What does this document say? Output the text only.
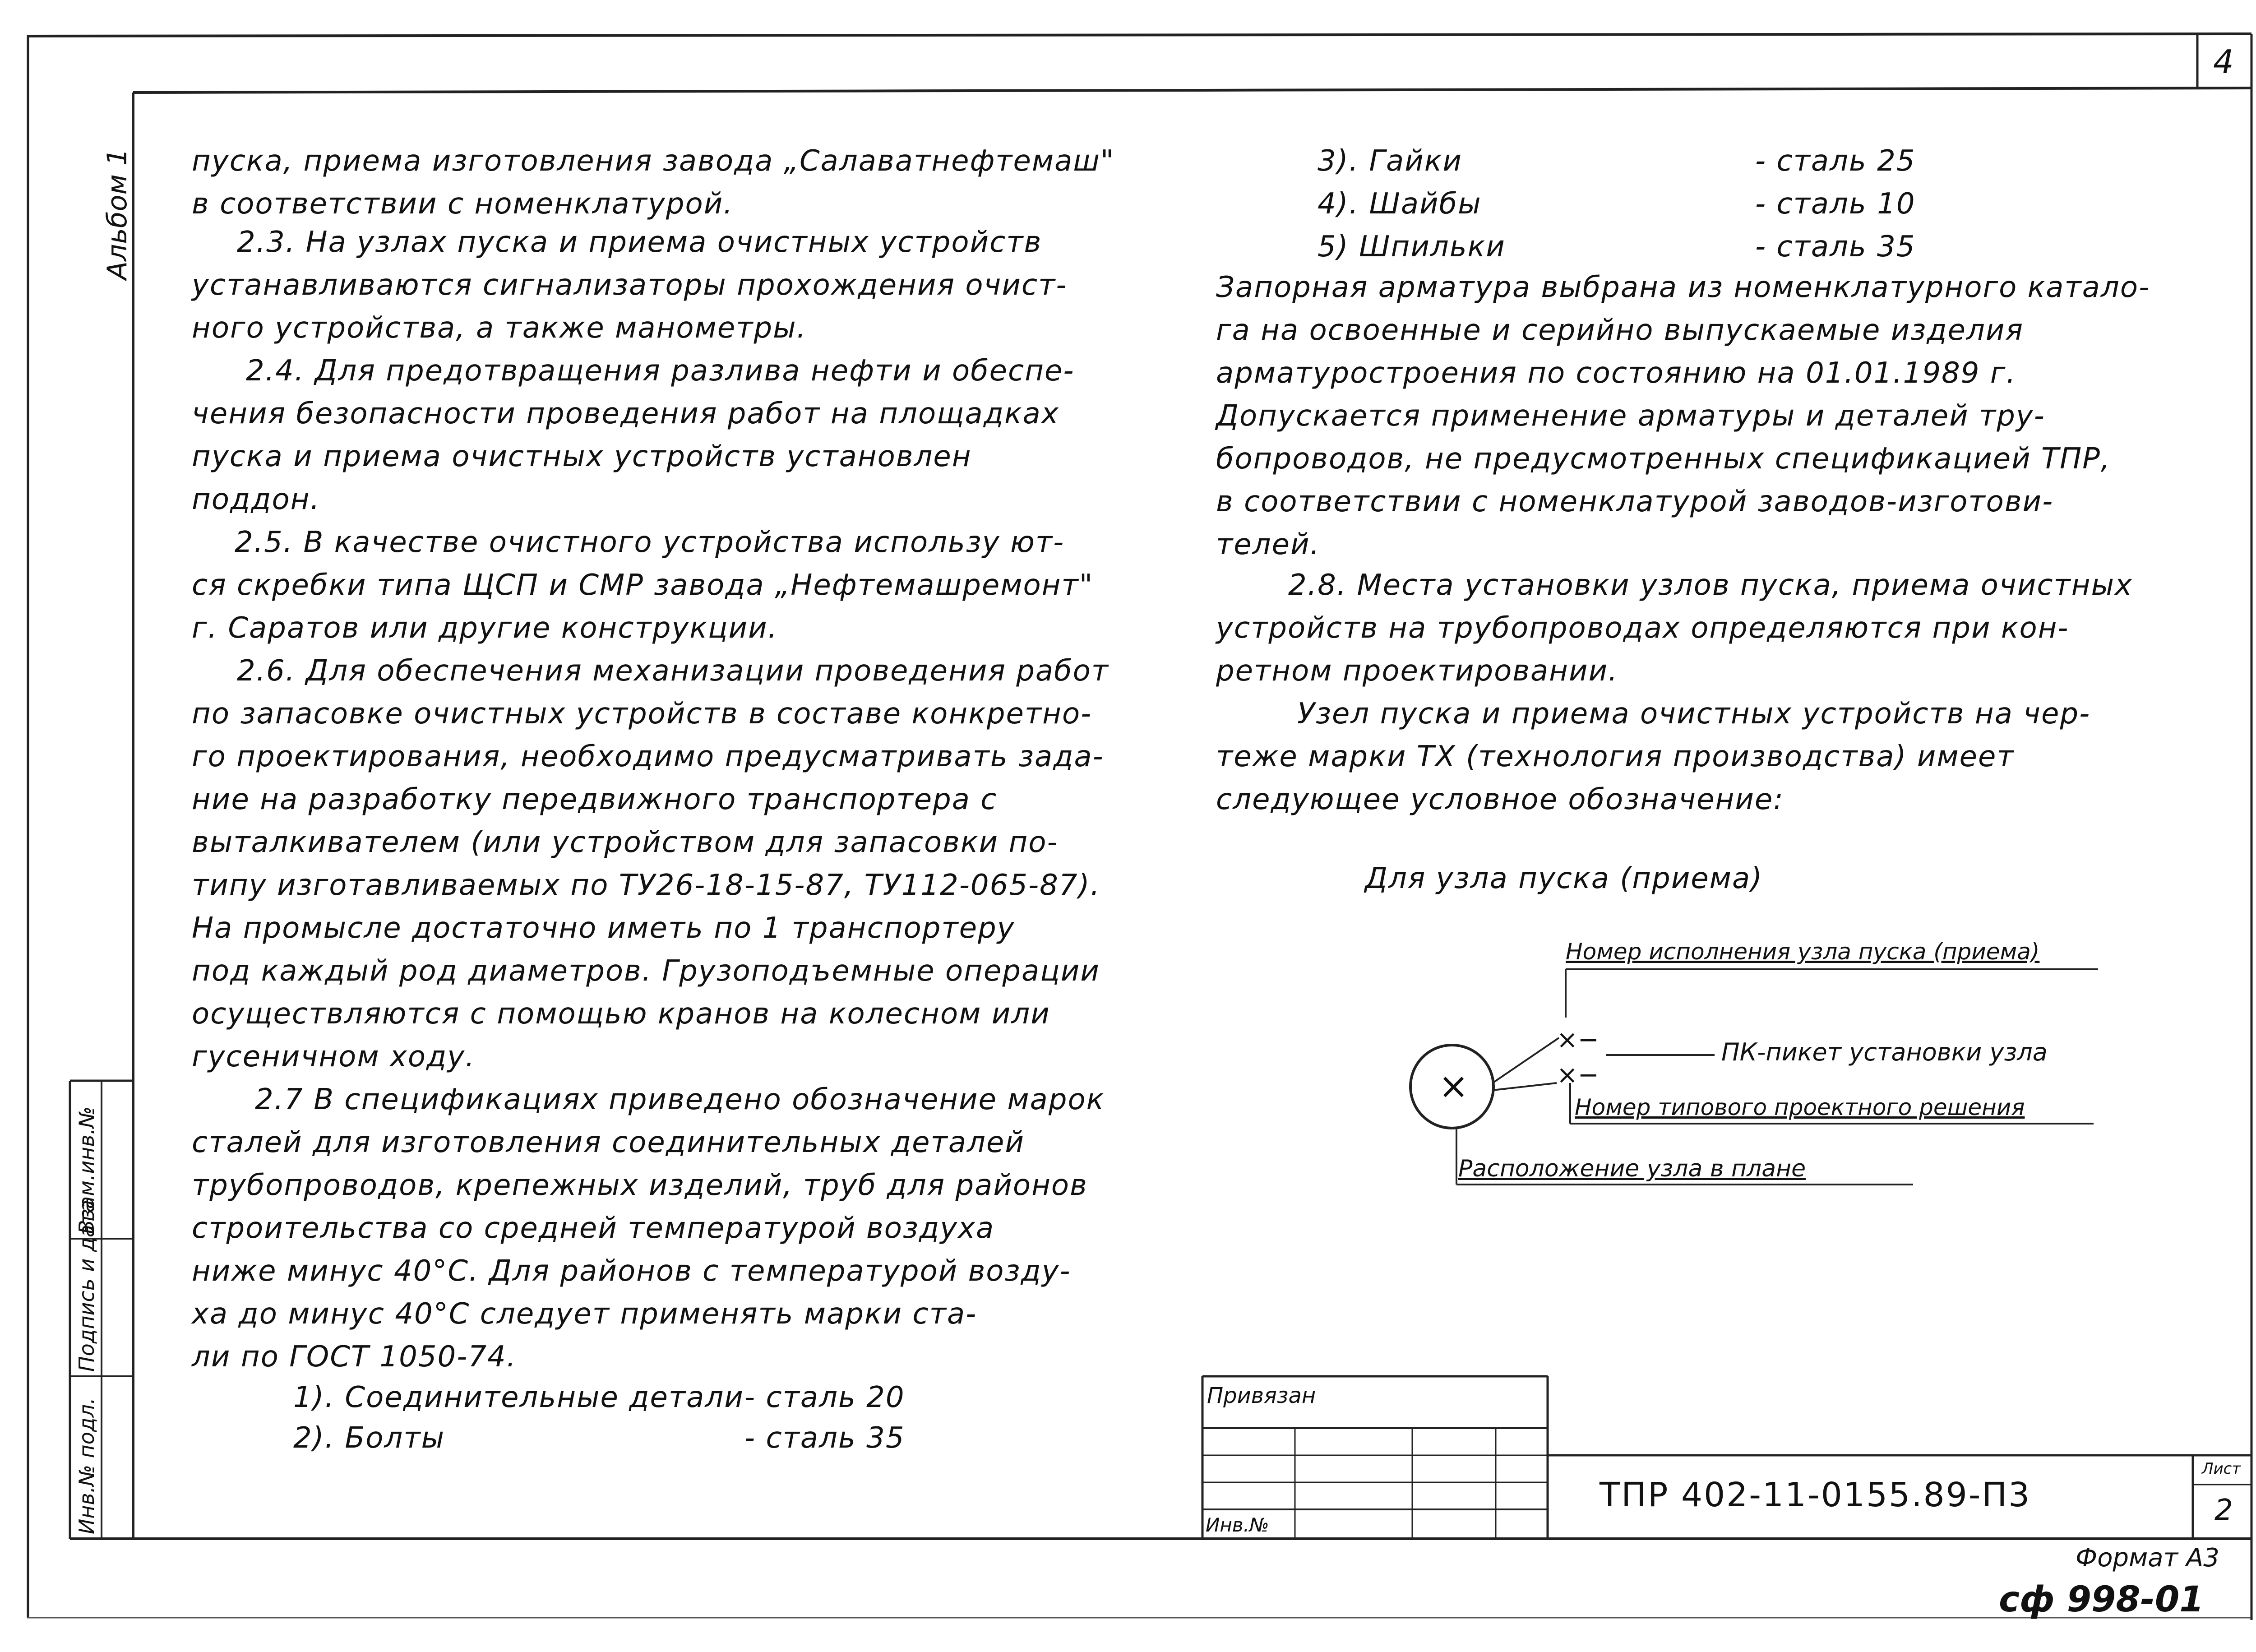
4
Альбом 1
Инв.№ подл.
Подпись и дата
Взам.инв.№
пуска, приема изготовления завода „Салаватнефтемаш"
в соответствии с номенклатурой.
2.3. На узлах пуска и приема очистных устройств
устанавливаются сигнализаторы прохождения очист-
ного устройства, а также манометры.
2.4. Для предотвращения разлива нефти и обеспе-
чения безопасности проведения работ на площадках
пуска и приема очистных устройств установлен
поддон.
2.5. В качестве очистного устройства использу ют-
ся скребки типа ЩСП и СМР завода „Нефтемашремонт"
г. Саратов или другие конструкции.
2.6. Для обеспечения механизации проведения работ
по запасовке очистных устройств в составе конкретно-
го проектирования, необходимо предусматривать зада-
ние на разработку передвижного транспортера с
выталкивателем (или устройством для запасовки по-
типу изготавливаемых по ТУ26-18-15-87, ТУ112-065-87).
На промысле достаточно иметь по 1 транспортеру
под каждый род диаметров. Грузоподъемные операции
осуществляются с помощью кранов на колесном или
гусеничном ходу.
2.7 В спецификациях приведено обозначение марок
сталей для изготовления соединительных деталей
трубопроводов, крепежных изделий, труб для районов
строительства со средней температурой воздуха
ниже минус 40°С. Для районов с температурой возду-
ха до минус 40°С следует применять марки ста-
ли по ГОСТ 1050-74.
1). Соединительные детали - сталь 20
2). Болты	- сталь 35
3). Гайки	- сталь 25
4). Шайбы	- сталь 10
5) Шпильки	- сталь 35
Запорная арматура выбрана из номенклатурного катало-
га на освоенные и серийно выпускаемые изделия
арматуростроения по состоянию на 01.01.1989 г.
Допускается применение арматуры и деталей тру-
бопроводов, не предусмотренных спецификацией ТПР,
в соответствии с номенклатурой заводов-изготови-
телей.
2.8. Места установки узлов пуска, приема очистных
устройств на трубопроводах определяются при кон-
ретном проектировании.
Узел пуска и приема очистных устройств на чер-
теже марки ТХ (технология производства) имеет
следующее условное обозначение:
Для узла пуска (приема)
Номер исполнения узла пуска (приема)
×
×−
×−
ПК-пикет установки узла
Номер типового проектного решения
Расположение узла в плане
Привязан
Инв.№
ТПР 402-11-0155.89-П3
Лист
2
Формат А3
сф 998-01
